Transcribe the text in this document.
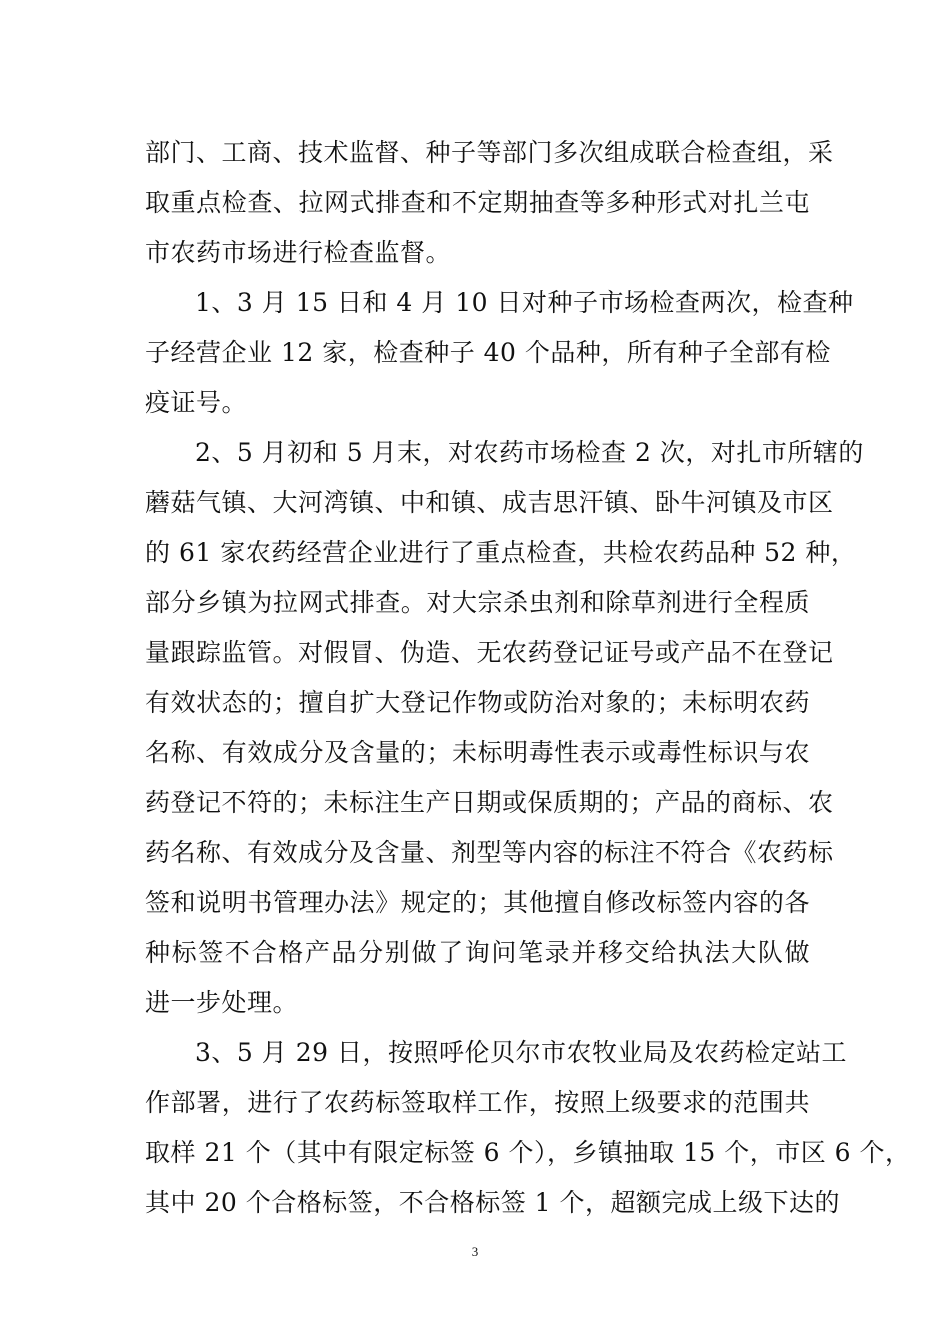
部门、工商、技术监督、种子等部门多次组成联合检查组，采
取重点检查、拉网式排查和不定期抽查等多种形式对扎兰屯
市农药市场进行检查监督。
1、3 月 15 日和 4 月 10 日对种子市场检查两次，检查种
子经营企业 12 家，检查种子 40 个品种，所有种子全部有检
疫证号。
2、5 月初和 5 月末，对农药市场检查 2 次，对扎市所辖的
蘑菇气镇、大河湾镇、中和镇、成吉思汗镇、卧牛河镇及市区
的 61 家农药经营企业进行了重点检查，共检农药品种 52 种，
部分乡镇为拉网式排查。对大宗杀虫剂和除草剂进行全程质
量跟踪监管。对假冒、伪造、无农药登记证号或产品不在登记
有效状态的；擅自扩大登记作物或防治对象的；未标明农药
名称、有效成分及含量的；未标明毒性表示或毒性标识与农
药登记不符的；未标注生产日期或保质期的；产品的商标、农
药名称、有效成分及含量、剂型等内容的标注不符合《农药标
签和说明书管理办法》规定的；其他擅自修改标签内容的各
种标签不合格产品分别做了询问笔录并移交给执法大队做
进一步处理。
3、5 月 29 日，按照呼伦贝尔市农牧业局及农药检定站工
作部署，进行了农药标签取样工作，按照上级要求的范围共
取样 21 个（其中有限定标签 6 个），乡镇抽取 15 个，市区 6 个，
其中 20 个合格标签，不合格标签 1 个，超额完成上级下达的
3
